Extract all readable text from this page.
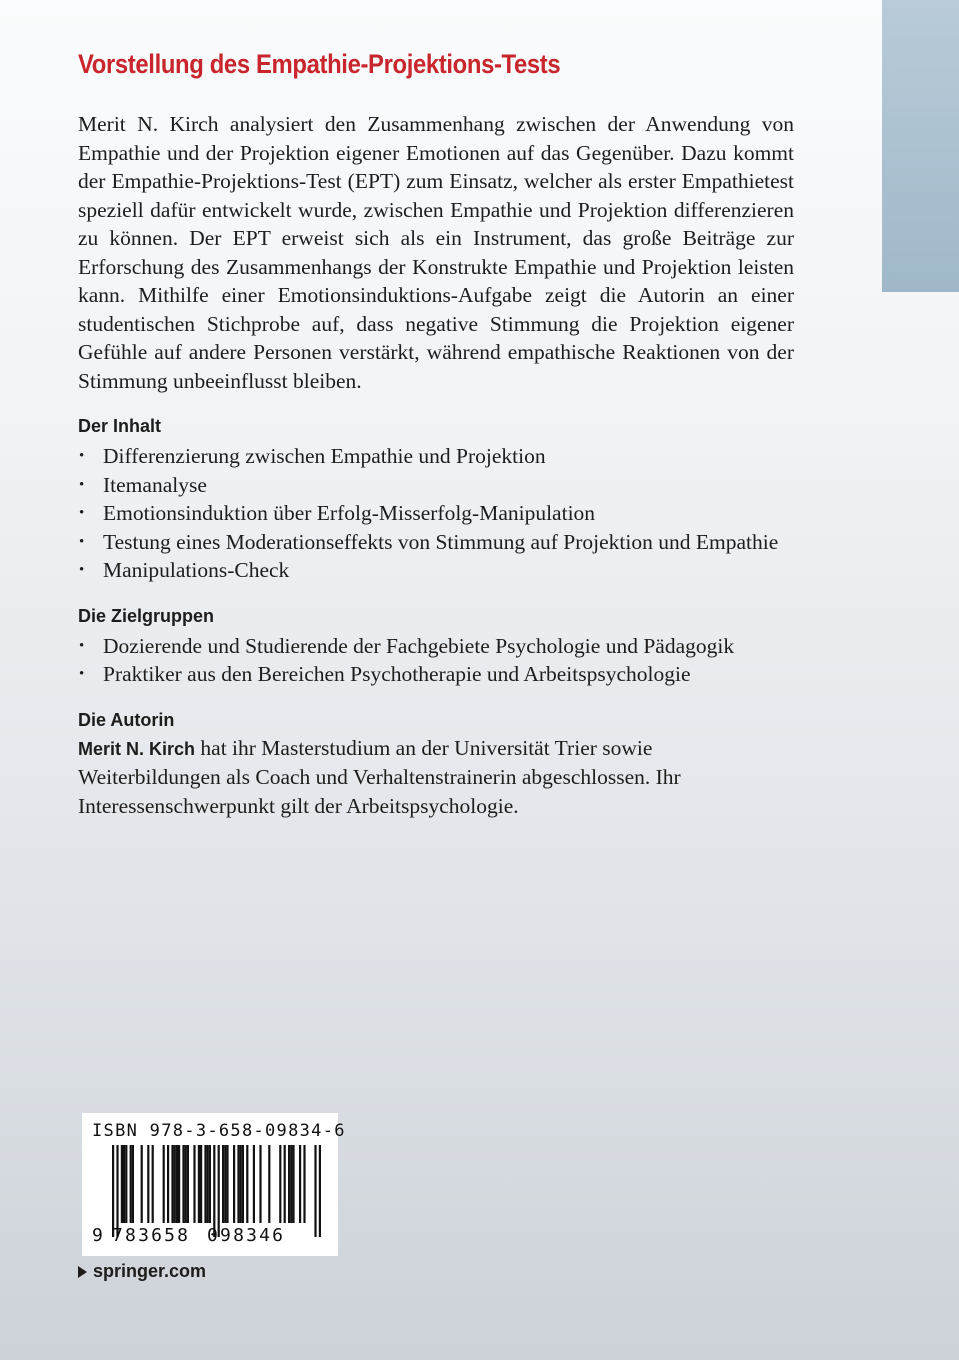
Vorstellung des Empathie-Projektions-Tests

Merit N. Kirch analysiert den Zusammenhang zwischen der Anwendung von Empathie und der Projektion eigener Emotionen auf das Gegenüber. Dazu kommt der Empathie-Projektions-Test (EPT) zum Einsatz, welcher als erster Empathietest speziell dafür entwickelt wurde, zwischen Empathie und Projektion differenzieren zu können. Der EPT erweist sich als ein Instrument, das große Beiträge zur Erforschung des Zusammenhangs der Konstrukte Empathie und Projektion leisten kann. Mithilfe einer Emotionsinduktions-Aufgabe zeigt die Autorin an einer studentischen Stichprobe auf, dass negative Stimmung die Projektion eigener Gefühle auf andere Personen verstärkt, während empathische Reaktionen von der Stimmung unbeeinflusst bleiben.

Der Inhalt
• Differenzierung zwischen Empathie und Projektion
• Itemanalyse
• Emotionsinduktion über Erfolg-Misserfolg-Manipulation
• Testung eines Moderationseffekts von Stimmung auf Projektion und Empathie
• Manipulations-Check
Die Zielgruppen
• Dozierende und Studierende der Fachgebiete Psychologie und Pädagogik
• Praktiker aus den Bereichen Psychotherapie und Arbeitspsychologie
Die Autorin

Merit N. Kirch hat ihr Masterstudium an der Universität Trier sowie Weiterbildungen als Coach und Verhaltenstrainerin abgeschlossen. Ihr Interessenschwerpunkt gilt der Arbeitspsychologie.

ISBN 978-3-658-09834-6
9 783658 098346
springer.com
